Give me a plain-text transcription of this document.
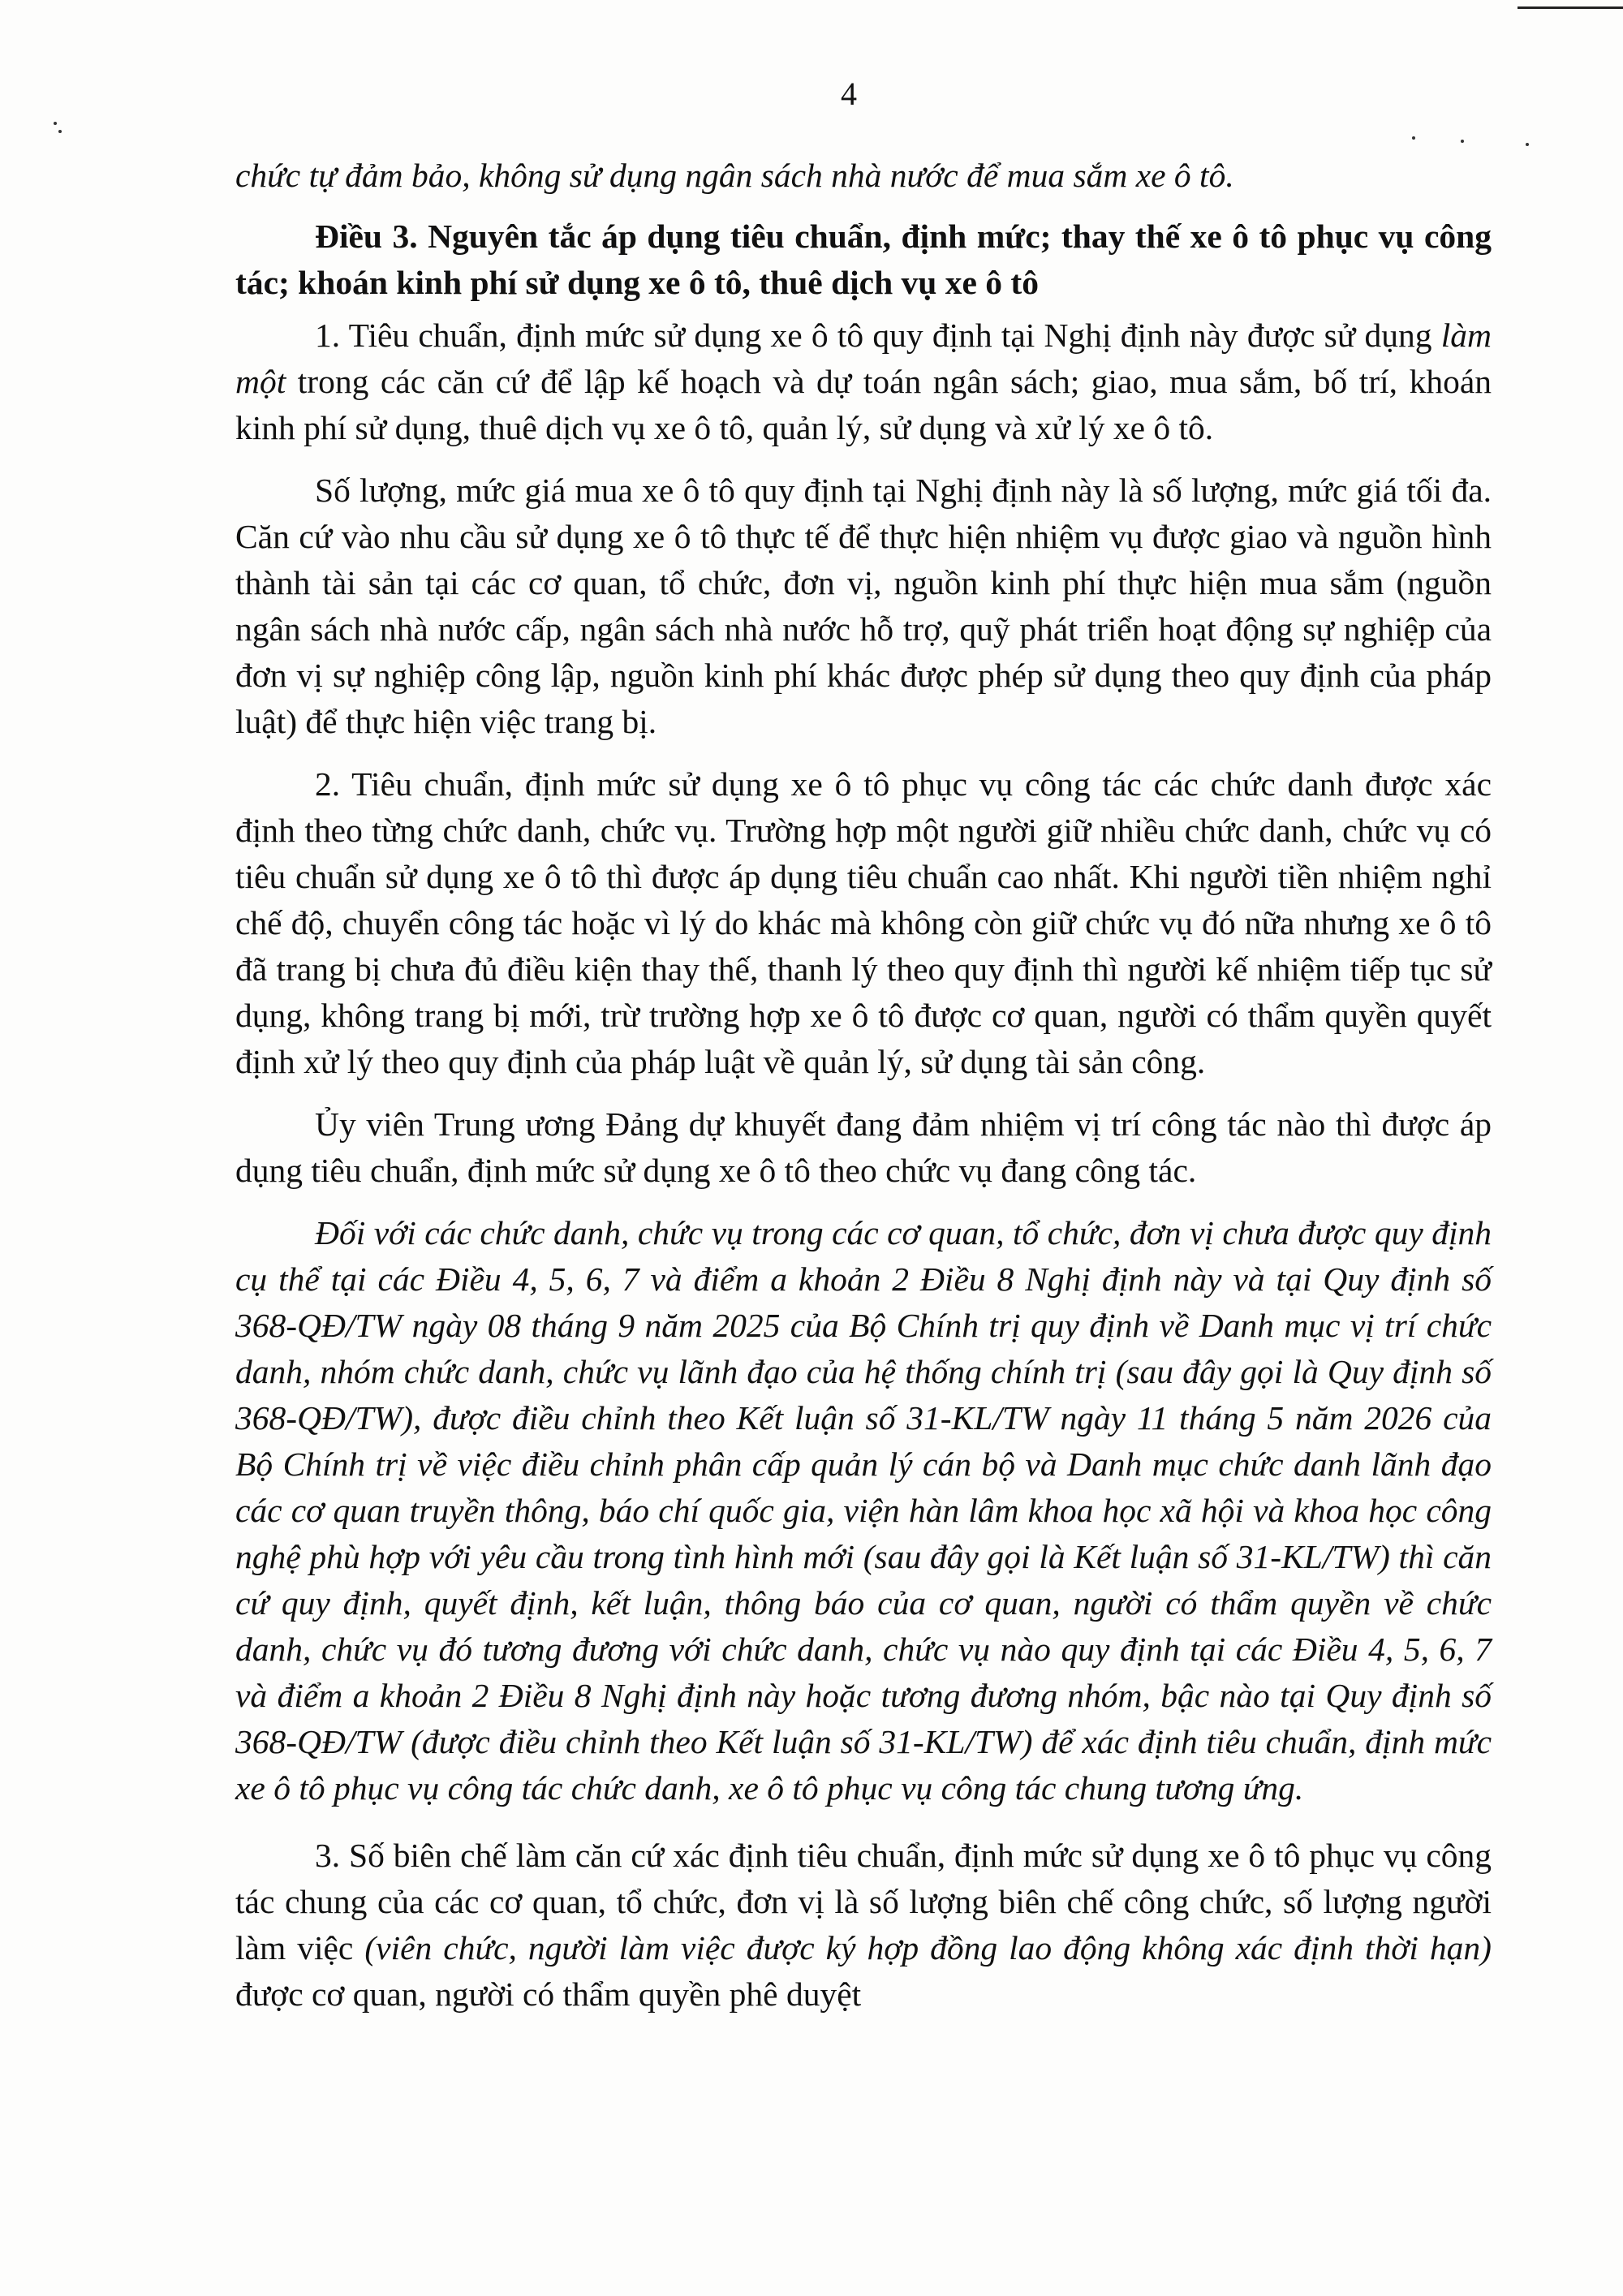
4

chức tự đảm bảo, không sử dụng ngân sách nhà nước để mua sắm xe ô tô.

Điều 3. Nguyên tắc áp dụng tiêu chuẩn, định mức; thay thế xe ô tô phục vụ công tác; khoán kinh phí sử dụng xe ô tô, thuê dịch vụ xe ô tô

1. Tiêu chuẩn, định mức sử dụng xe ô tô quy định tại Nghị định này được sử dụng làm một trong các căn cứ để lập kế hoạch và dự toán ngân sách; giao, mua sắm, bố trí, khoán kinh phí sử dụng, thuê dịch vụ xe ô tô, quản lý, sử dụng và xử lý xe ô tô.

Số lượng, mức giá mua xe ô tô quy định tại Nghị định này là số lượng, mức giá tối đa. Căn cứ vào nhu cầu sử dụng xe ô tô thực tế để thực hiện nhiệm vụ được giao và nguồn hình thành tài sản tại các cơ quan, tổ chức, đơn vị, nguồn kinh phí thực hiện mua sắm (nguồn ngân sách nhà nước cấp, ngân sách nhà nước hỗ trợ, quỹ phát triển hoạt động sự nghiệp của đơn vị sự nghiệp công lập, nguồn kinh phí khác được phép sử dụng theo quy định của pháp luật) để thực hiện việc trang bị.

2. Tiêu chuẩn, định mức sử dụng xe ô tô phục vụ công tác các chức danh được xác định theo từng chức danh, chức vụ. Trường hợp một người giữ nhiều chức danh, chức vụ có tiêu chuẩn sử dụng xe ô tô thì được áp dụng tiêu chuẩn cao nhất. Khi người tiền nhiệm nghỉ chế độ, chuyển công tác hoặc vì lý do khác mà không còn giữ chức vụ đó nữa nhưng xe ô tô đã trang bị chưa đủ điều kiện thay thế, thanh lý theo quy định thì người kế nhiệm tiếp tục sử dụng, không trang bị mới, trừ trường hợp xe ô tô được cơ quan, người có thẩm quyền quyết định xử lý theo quy định của pháp luật về quản lý, sử dụng tài sản công.

Ủy viên Trung ương Đảng dự khuyết đang đảm nhiệm vị trí công tác nào thì được áp dụng tiêu chuẩn, định mức sử dụng xe ô tô theo chức vụ đang công tác.

Đối với các chức danh, chức vụ trong các cơ quan, tổ chức, đơn vị chưa được quy định cụ thể tại các Điều 4, 5, 6, 7 và điểm a khoản 2 Điều 8 Nghị định này và tại Quy định số 368-QĐ/TW ngày 08 tháng 9 năm 2025 của Bộ Chính trị quy định về Danh mục vị trí chức danh, nhóm chức danh, chức vụ lãnh đạo của hệ thống chính trị (sau đây gọi là Quy định số 368-QĐ/TW), được điều chỉnh theo Kết luận số 31-KL/TW ngày 11 tháng 5 năm 2026 của Bộ Chính trị về việc điều chỉnh phân cấp quản lý cán bộ và Danh mục chức danh lãnh đạo các cơ quan truyền thông, báo chí quốc gia, viện hàn lâm khoa học xã hội và khoa học công nghệ phù hợp với yêu cầu trong tình hình mới (sau đây gọi là Kết luận số 31-KL/TW) thì căn cứ quy định, quyết định, kết luận, thông báo của cơ quan, người có thẩm quyền về chức danh, chức vụ đó tương đương với chức danh, chức vụ nào quy định tại các Điều 4, 5, 6, 7 và điểm a khoản 2 Điều 8 Nghị định này hoặc tương đương nhóm, bậc nào tại Quy định số 368-QĐ/TW (được điều chỉnh theo Kết luận số 31-KL/TW) để xác định tiêu chuẩn, định mức xe ô tô phục vụ công tác chức danh, xe ô tô phục vụ công tác chung tương ứng.

3. Số biên chế làm căn cứ xác định tiêu chuẩn, định mức sử dụng xe ô tô phục vụ công tác chung của các cơ quan, tổ chức, đơn vị là số lượng biên chế công chức, số lượng người làm việc (viên chức, người làm việc được ký hợp đồng lao động không xác định thời hạn) được cơ quan, người có thẩm quyền phê duyệt
